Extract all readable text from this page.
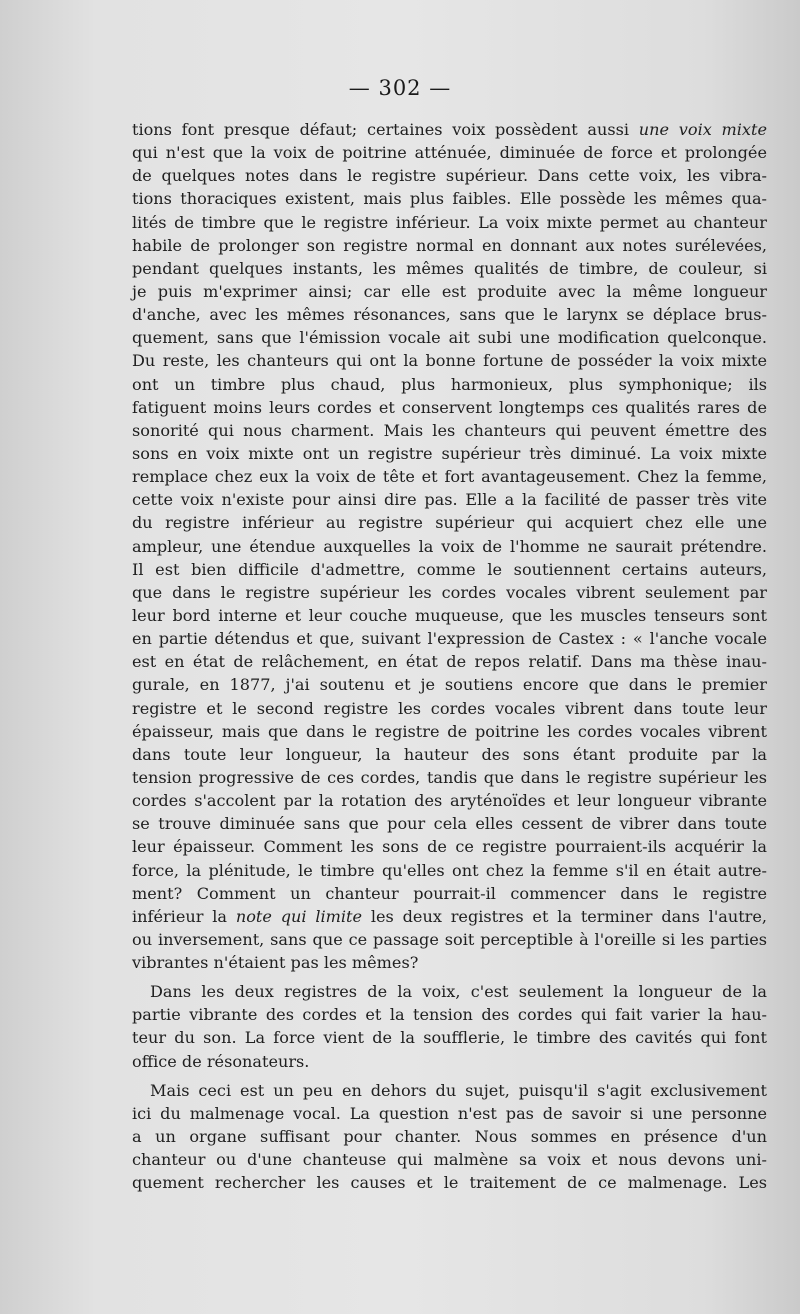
— 302 —
tions font presque défaut; certaines voix possèdent aussi une voix mixte
qui n'est que la voix de poitrine atténuée, diminuée de force et prolongée
de quelques notes dans le registre supérieur. Dans cette voix, les vibra-
tions thoraciques existent, mais plus faibles. Elle possède les mêmes qua-
lités de timbre que le registre inférieur. La voix mixte permet au chanteur
habile de prolonger son registre normal en donnant aux notes surélevées,
pendant quelques instants, les mêmes qualités de timbre, de couleur, si
je puis m'exprimer ainsi; car elle est produite avec la même longueur
d'anche, avec les mêmes résonances, sans que le larynx se déplace brus-
quement, sans que l'émission vocale ait subi une modification quelconque.
Du reste, les chanteurs qui ont la bonne fortune de posséder la voix mixte
ont un timbre plus chaud, plus harmonieux, plus symphonique; ils
fatiguent moins leurs cordes et conservent longtemps ces qualités rares de
sonorité qui nous charment. Mais les chanteurs qui peuvent émettre des
sons en voix mixte ont un registre supérieur très diminué. La voix mixte
remplace chez eux la voix de tête et fort avantageusement. Chez la femme,
cette voix n'existe pour ainsi dire pas. Elle a la facilité de passer très vite
du registre inférieur au registre supérieur qui acquiert chez elle une
ampleur, une étendue auxquelles la voix de l'homme ne saurait prétendre.
Il est bien difficile d'admettre, comme le soutiennent certains auteurs,
que dans le registre supérieur les cordes vocales vibrent seulement par
leur bord interne et leur couche muqueuse, que les muscles tenseurs sont
en partie détendus et que, suivant l'expression de Castex : « l'anche vocale
est en état de relâchement, en état de repos relatif. Dans ma thèse inau-
gurale, en 1877, j'ai soutenu et je soutiens encore que dans le premier
registre et le second registre les cordes vocales vibrent dans toute leur
épaisseur, mais que dans le registre de poitrine les cordes vocales vibrent
dans toute leur longueur, la hauteur des sons étant produite par la
tension progressive de ces cordes, tandis que dans le registre supérieur les
cordes s'accolent par la rotation des aryténoïdes et leur longueur vibrante
se trouve diminuée sans que pour cela elles cessent de vibrer dans toute
leur épaisseur. Comment les sons de ce registre pourraient-ils acquérir la
force, la plénitude, le timbre qu'elles ont chez la femme s'il en était autre-
ment? Comment un chanteur pourrait-il commencer dans le registre
inférieur la note qui limite les deux registres et la terminer dans l'autre,
ou inversement, sans que ce passage soit perceptible à l'oreille si les parties
vibrantes n'étaient pas les mêmes?
Dans les deux registres de la voix, c'est seulement la longueur de la
partie vibrante des cordes et la tension des cordes qui fait varier la hau-
teur du son. La force vient de la soufflerie, le timbre des cavités qui font
office de résonateurs.
Mais ceci est un peu en dehors du sujet, puisqu'il s'agit exclusivement
ici du malmenage vocal. La question n'est pas de savoir si une personne
a un organe suffisant pour chanter. Nous sommes en présence d'un
chanteur ou d'une chanteuse qui malmène sa voix et nous devons uni-
quement rechercher les causes et le traitement de ce malmenage. Les
